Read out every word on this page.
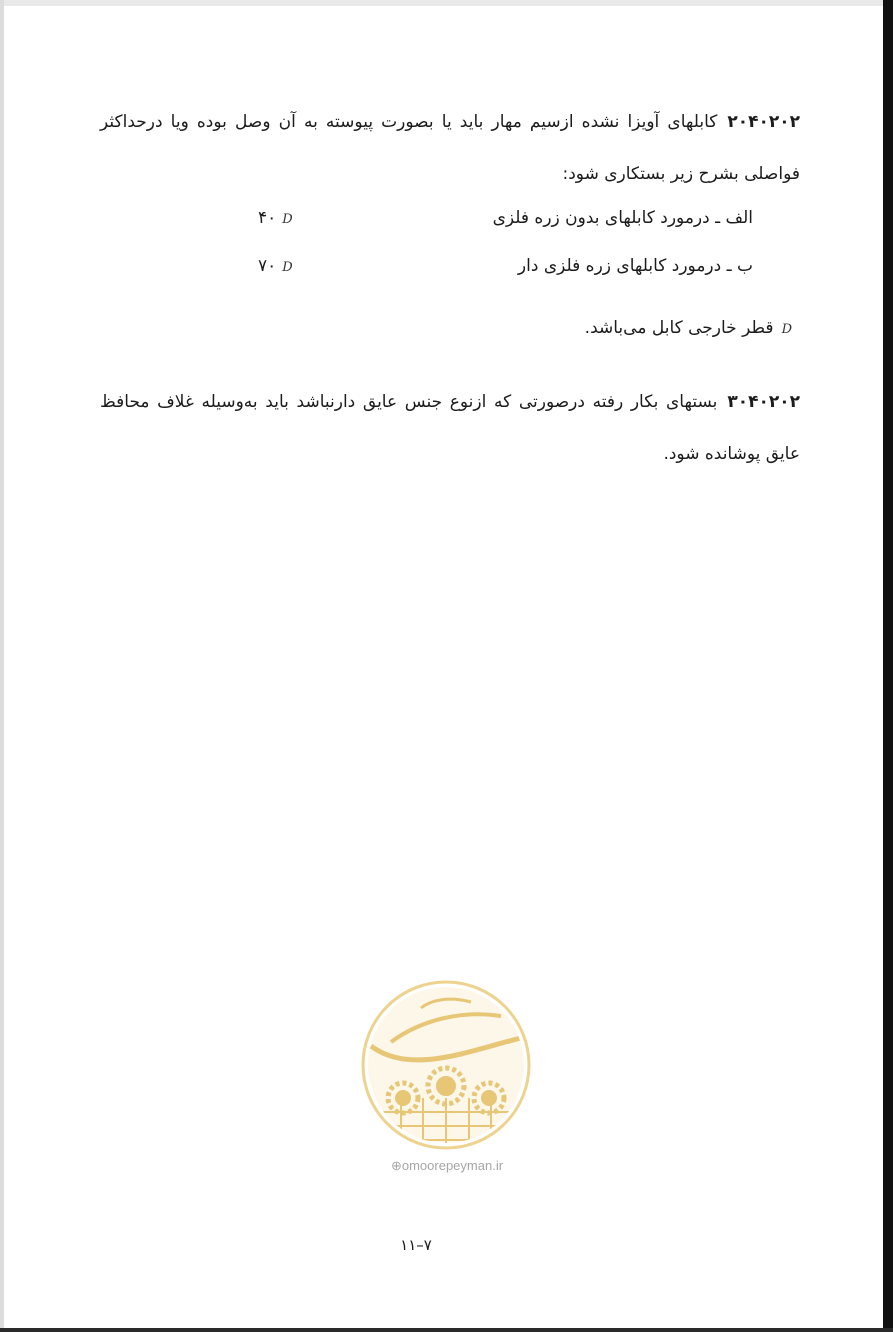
۲۰۴۰۲۰۲کابلهای آویزا نشده ازسیم مهار باید یا بصورت پیوسته به آن وصل بوده ویا درحداکثر فواصلی بشرح زیر بستکاری شود:
الف ـ درمورد کابلهای بدون زره فلزی
۴۰ D
ب ـ درمورد کابلهای زره فلزی دار
۷۰ D
Dقطر خارجی کابل می‌باشد.
۳۰۴۰۲۰۲بستهای بکار رفته درصورتی که ازنوع جنس عایق دارنباشد باید به‌وسیله غلاف محافظ عایق پوشانده شود.
⊕omoorepeyman.ir
۱۱–۷
